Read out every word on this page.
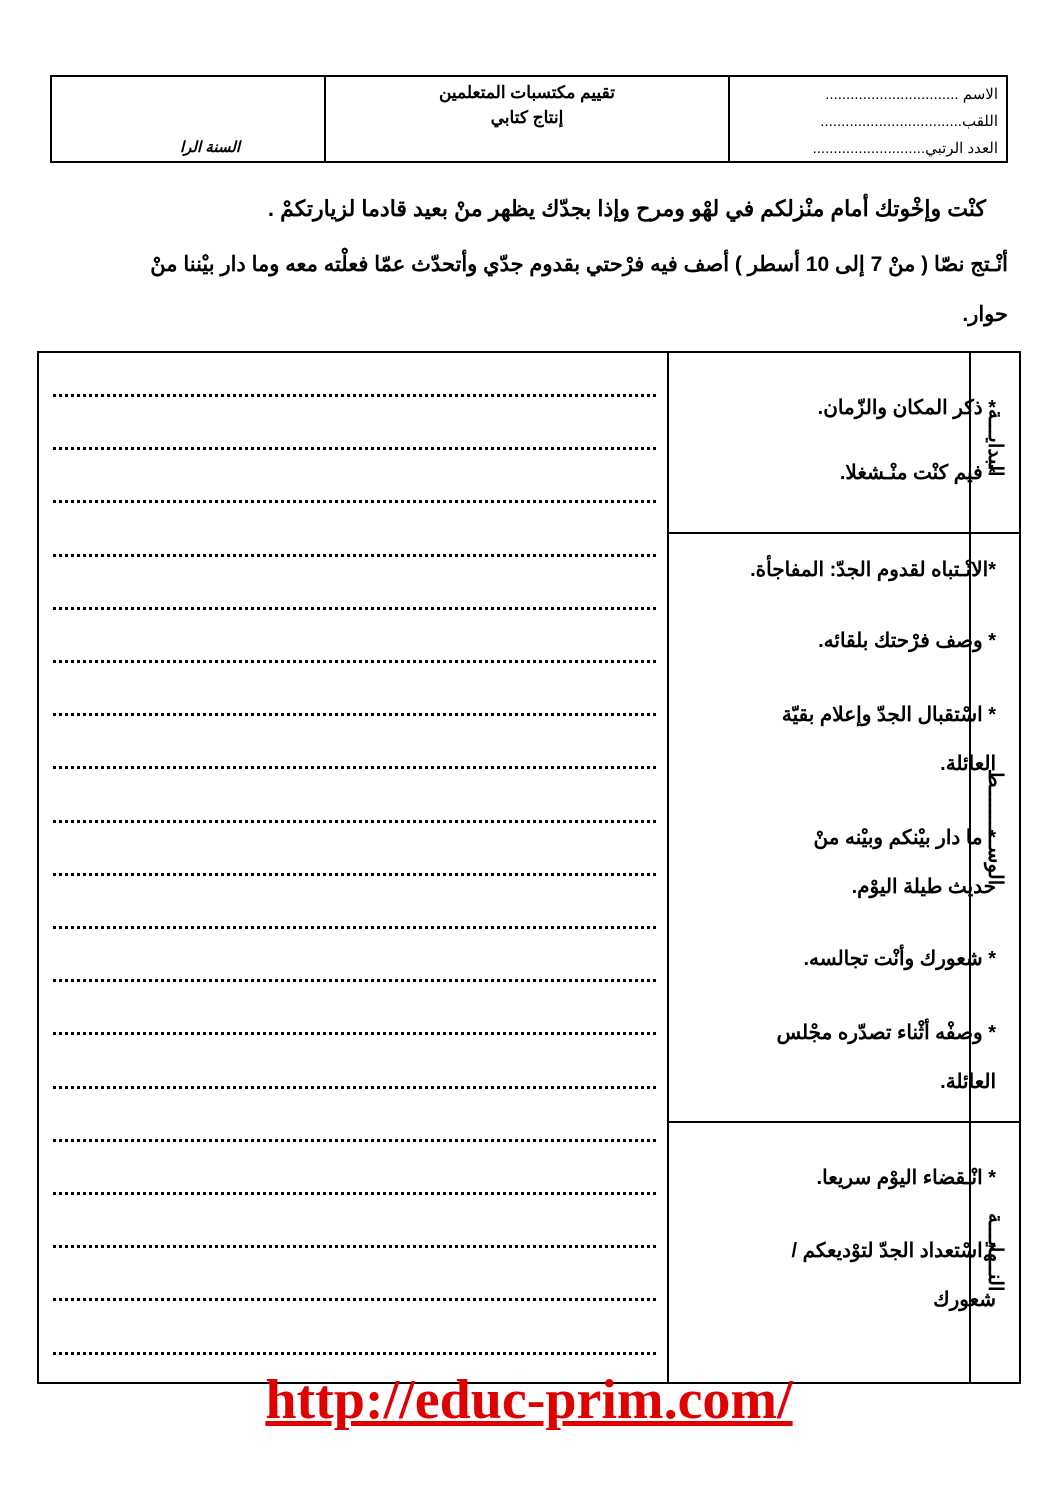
الاسم ................................
اللقب..................................
العدد الرتبي...........................
تقييم مكتسبات المتعلمين
إنتاج كتابي
السنة الرا
كنْت وإخْوتك أمام منْزلكم في لهْو ومرح وإذا بجدّك يظهر منْ بعيد قادما لزيارتكمْ .
أنْـتج نصّا ( منْ 7 إلى 10 أسطر ) أصف فيه فرْحتي بقدوم جدّي وأتحدّث عمّا فعلْته معه وما دار بيْننا منْ
حوار.
البدايـــة
الوســــــــــط
النــهايـــة
* ذكر المكان والزّمان.
* فيم كنْت منْـشغلا.
*الانْـتباه لقدوم الجدّ: المفاجأة.
* وصف فرْحتك بلقائه.
* اسْتقبال الجدّ وإعلام بقيّة
العائلة.
* ما دار بيْنكم وبيْنه منْ
حديث طيلة اليوْم.
* شعورك وأنْت تجالسه.
* وصفْه أثْناء تصدّره مجْلس
العائلة.
* انْـقضاء اليوْم سريعا.
* اسْتعداد الجدّ لتوْديعكم /
شعورك
http://educ-prim.com/
